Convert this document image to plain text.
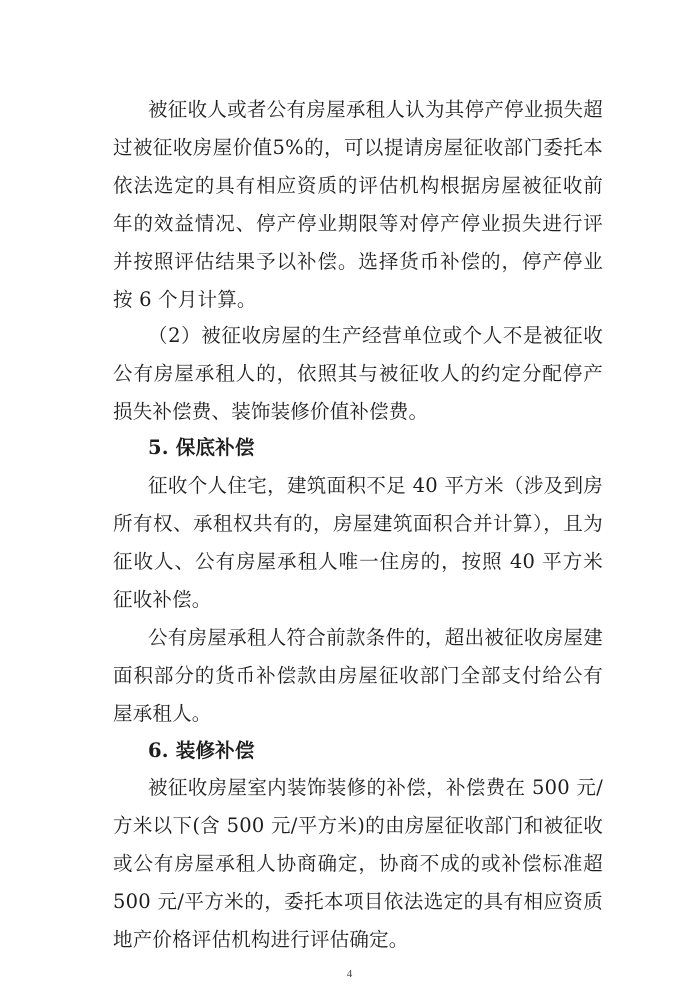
被征收人或者公有房屋承租人认为其停产停业损失超
过被征收房屋价值5%的，可以提请房屋征收部门委托本
依法选定的具有相应资质的评估机构根据房屋被征收前
年的效益情况、停产停业期限等对停产停业损失进行评
并按照评估结果予以补偿。选择货币补偿的，停产停业
按 6 个月计算。
（2）被征收房屋的生产经营单位或个人不是被征收
公有房屋承租人的，依照其与被征收人的约定分配停产
损失补偿费、装饰装修价值补偿费。
5. 保底补偿
征收个人住宅，建筑面积不足 40 平方米（涉及到房
所有权、承租权共有的，房屋建筑面积合并计算），且为
征收人、公有房屋承租人唯一住房的，按照 40 平方米
征收补偿。
公有房屋承租人符合前款条件的，超出被征收房屋建
面积部分的货币补偿款由房屋征收部门全部支付给公有
屋承租人。
6. 装修补偿
被征收房屋室内装饰装修的补偿，补偿费在 500 元/
方米以下(含 500 元/平方米)的由房屋征收部门和被征收
或公有房屋承租人协商确定，协商不成的或补偿标准超
500 元/平方米的，委托本项目依法选定的具有相应资质
地产价格评估机构进行评估确定。
4
